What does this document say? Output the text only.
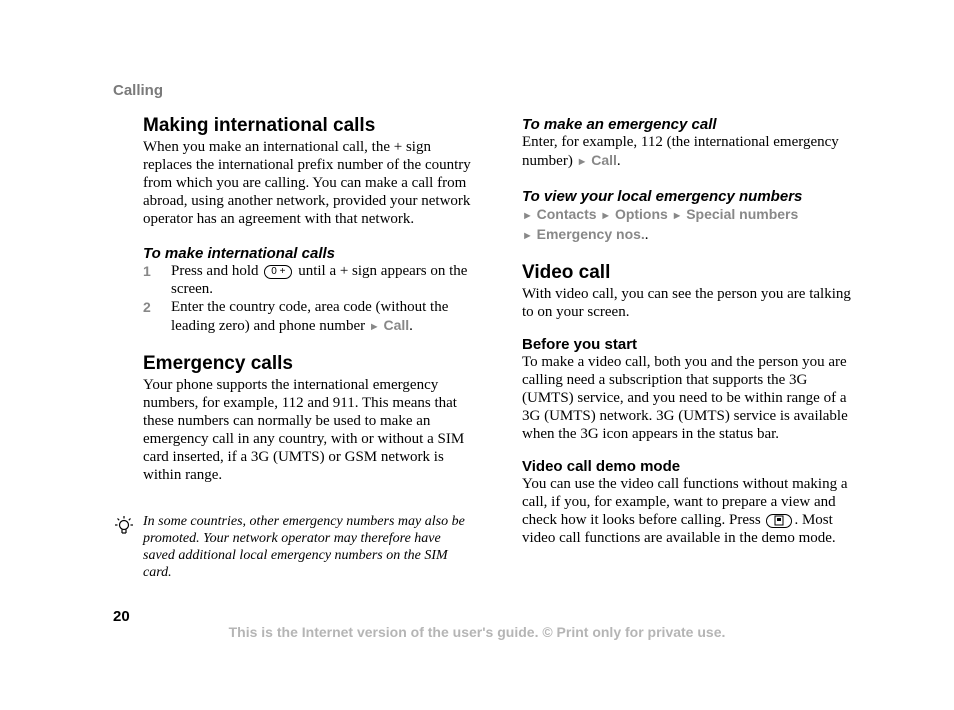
Calling
Making international calls

When you make an international call, the + sign replaces the international prefix number of the country from which you are calling. You can make a call from abroad, using another network, provided your network operator has an agreement with that network.

To make international calls
1 Press and hold 0 + until a + sign appears on the screen.
2 Enter the country code, area code (without the leading zero) and phone number ► Call.
Emergency calls

Your phone supports the international emergency numbers, for example, 112 and 911. This means that these numbers can normally be used to make an emergency call in any country, with or without a SIM card inserted, if a 3G (UMTS) or GSM network is within range.

In some countries, other emergency numbers may also be promoted. Your network operator may therefore have saved additional local emergency numbers on the SIM card.

To make an emergency call

Enter, for example, 112 (the international emergency number) ► Call.

To view your local emergency numbers

► Contacts ► Options ► Special numbers
► Emergency nos..

Video call

With video call, you can see the person you are talking to on your screen.

Before you start

To make a video call, both you and the person you are calling need a subscription that supports the 3G (UMTS) service, and you need to be within range of a 3G (UMTS) network. 3G (UMTS) service is available when the 3G icon appears in the status bar.

Video call demo mode

You can use the video call functions without making a call, if you, for example, want to prepare a view and check how it looks before calling. Press . Most video call functions are available in the demo mode.

20
This is the Internet version of the user's guide. © Print only for private use.
